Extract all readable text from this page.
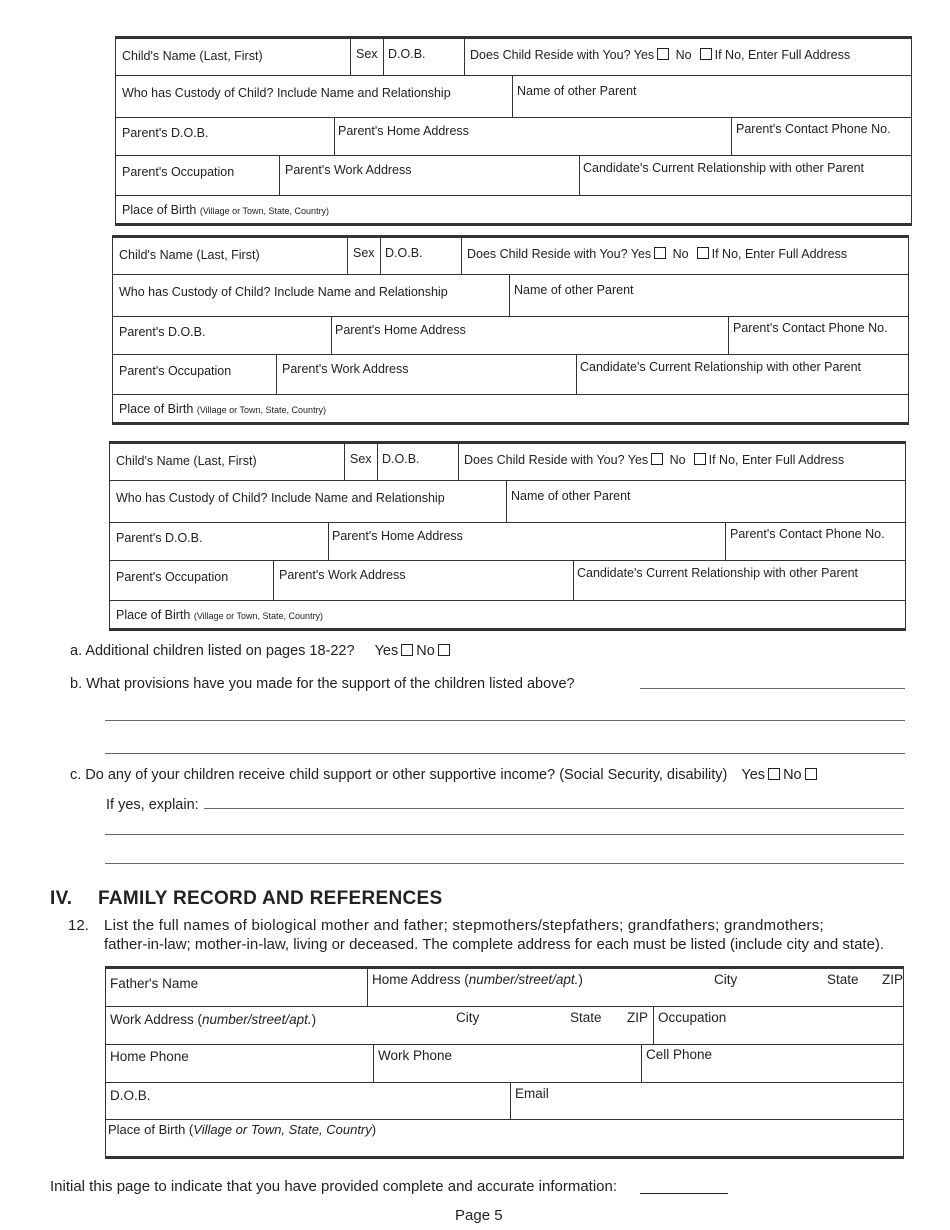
Child's Name (Last, First)	Sex D.O.B.	Does Child Reside with You? Yes No If No, Enter Full Address
Who has Custody of Child? Include Name and Relationship	Name of other Parent
Parent's D.O.B.	Parent's Home Address	Parent's Contact Phone No.
Parent's Occupation	Parent's Work Address	Candidate's Current Relationship with other Parent
Place of Birth (Village or Town, State, Country)
Child's Name (Last, First)	Sex D.O.B.	Does Child Reside with You? Yes No If No, Enter Full Address
Who has Custody of Child? Include Name and Relationship	Name of other Parent
Parent's D.O.B.	Parent's Home Address	Parent's Contact Phone No.
Parent's Occupation	Parent's Work Address	Candidate's Current Relationship with other Parent
Place of Birth (Village or Town, State, Country)
Child's Name (Last, First)	Sex D.O.B.	Does Child Reside with You? Yes No If No, Enter Full Address
Who has Custody of Child? Include Name and Relationship	Name of other Parent
Parent's D.O.B.	Parent's Home Address	Parent's Contact Phone No.
Parent's Occupation	Parent's Work Address	Candidate's Current Relationship with other Parent
Place of Birth (Village or Town, State, Country)
a. Additional children listed on pages 18-22? Yes No
b. What provisions have you made for the support of the children listed above?
c. Do any of your children receive child support or other supportive income? (Social Security, disability) Yes No
If yes, explain:
IV. FAMILY RECORD AND REFERENCES
12. List the full names of biological mother and father; stepmothers/stepfathers; grandfathers; grandmothers;
father-in-law; mother-in-law, living or deceased. The complete address for each must be listed (include city and state).
Father's Name	Home Address (number/street/apt.)	City	State ZIP
Work Address (number/street/apt.)	City	State ZIP Occupation
Home Phone	Work Phone	Cell Phone
D.O.B.	Email
Place of Birth (Village or Town, State, Country)
Initial this page to indicate that you have provided complete and accurate information:
Page 5
